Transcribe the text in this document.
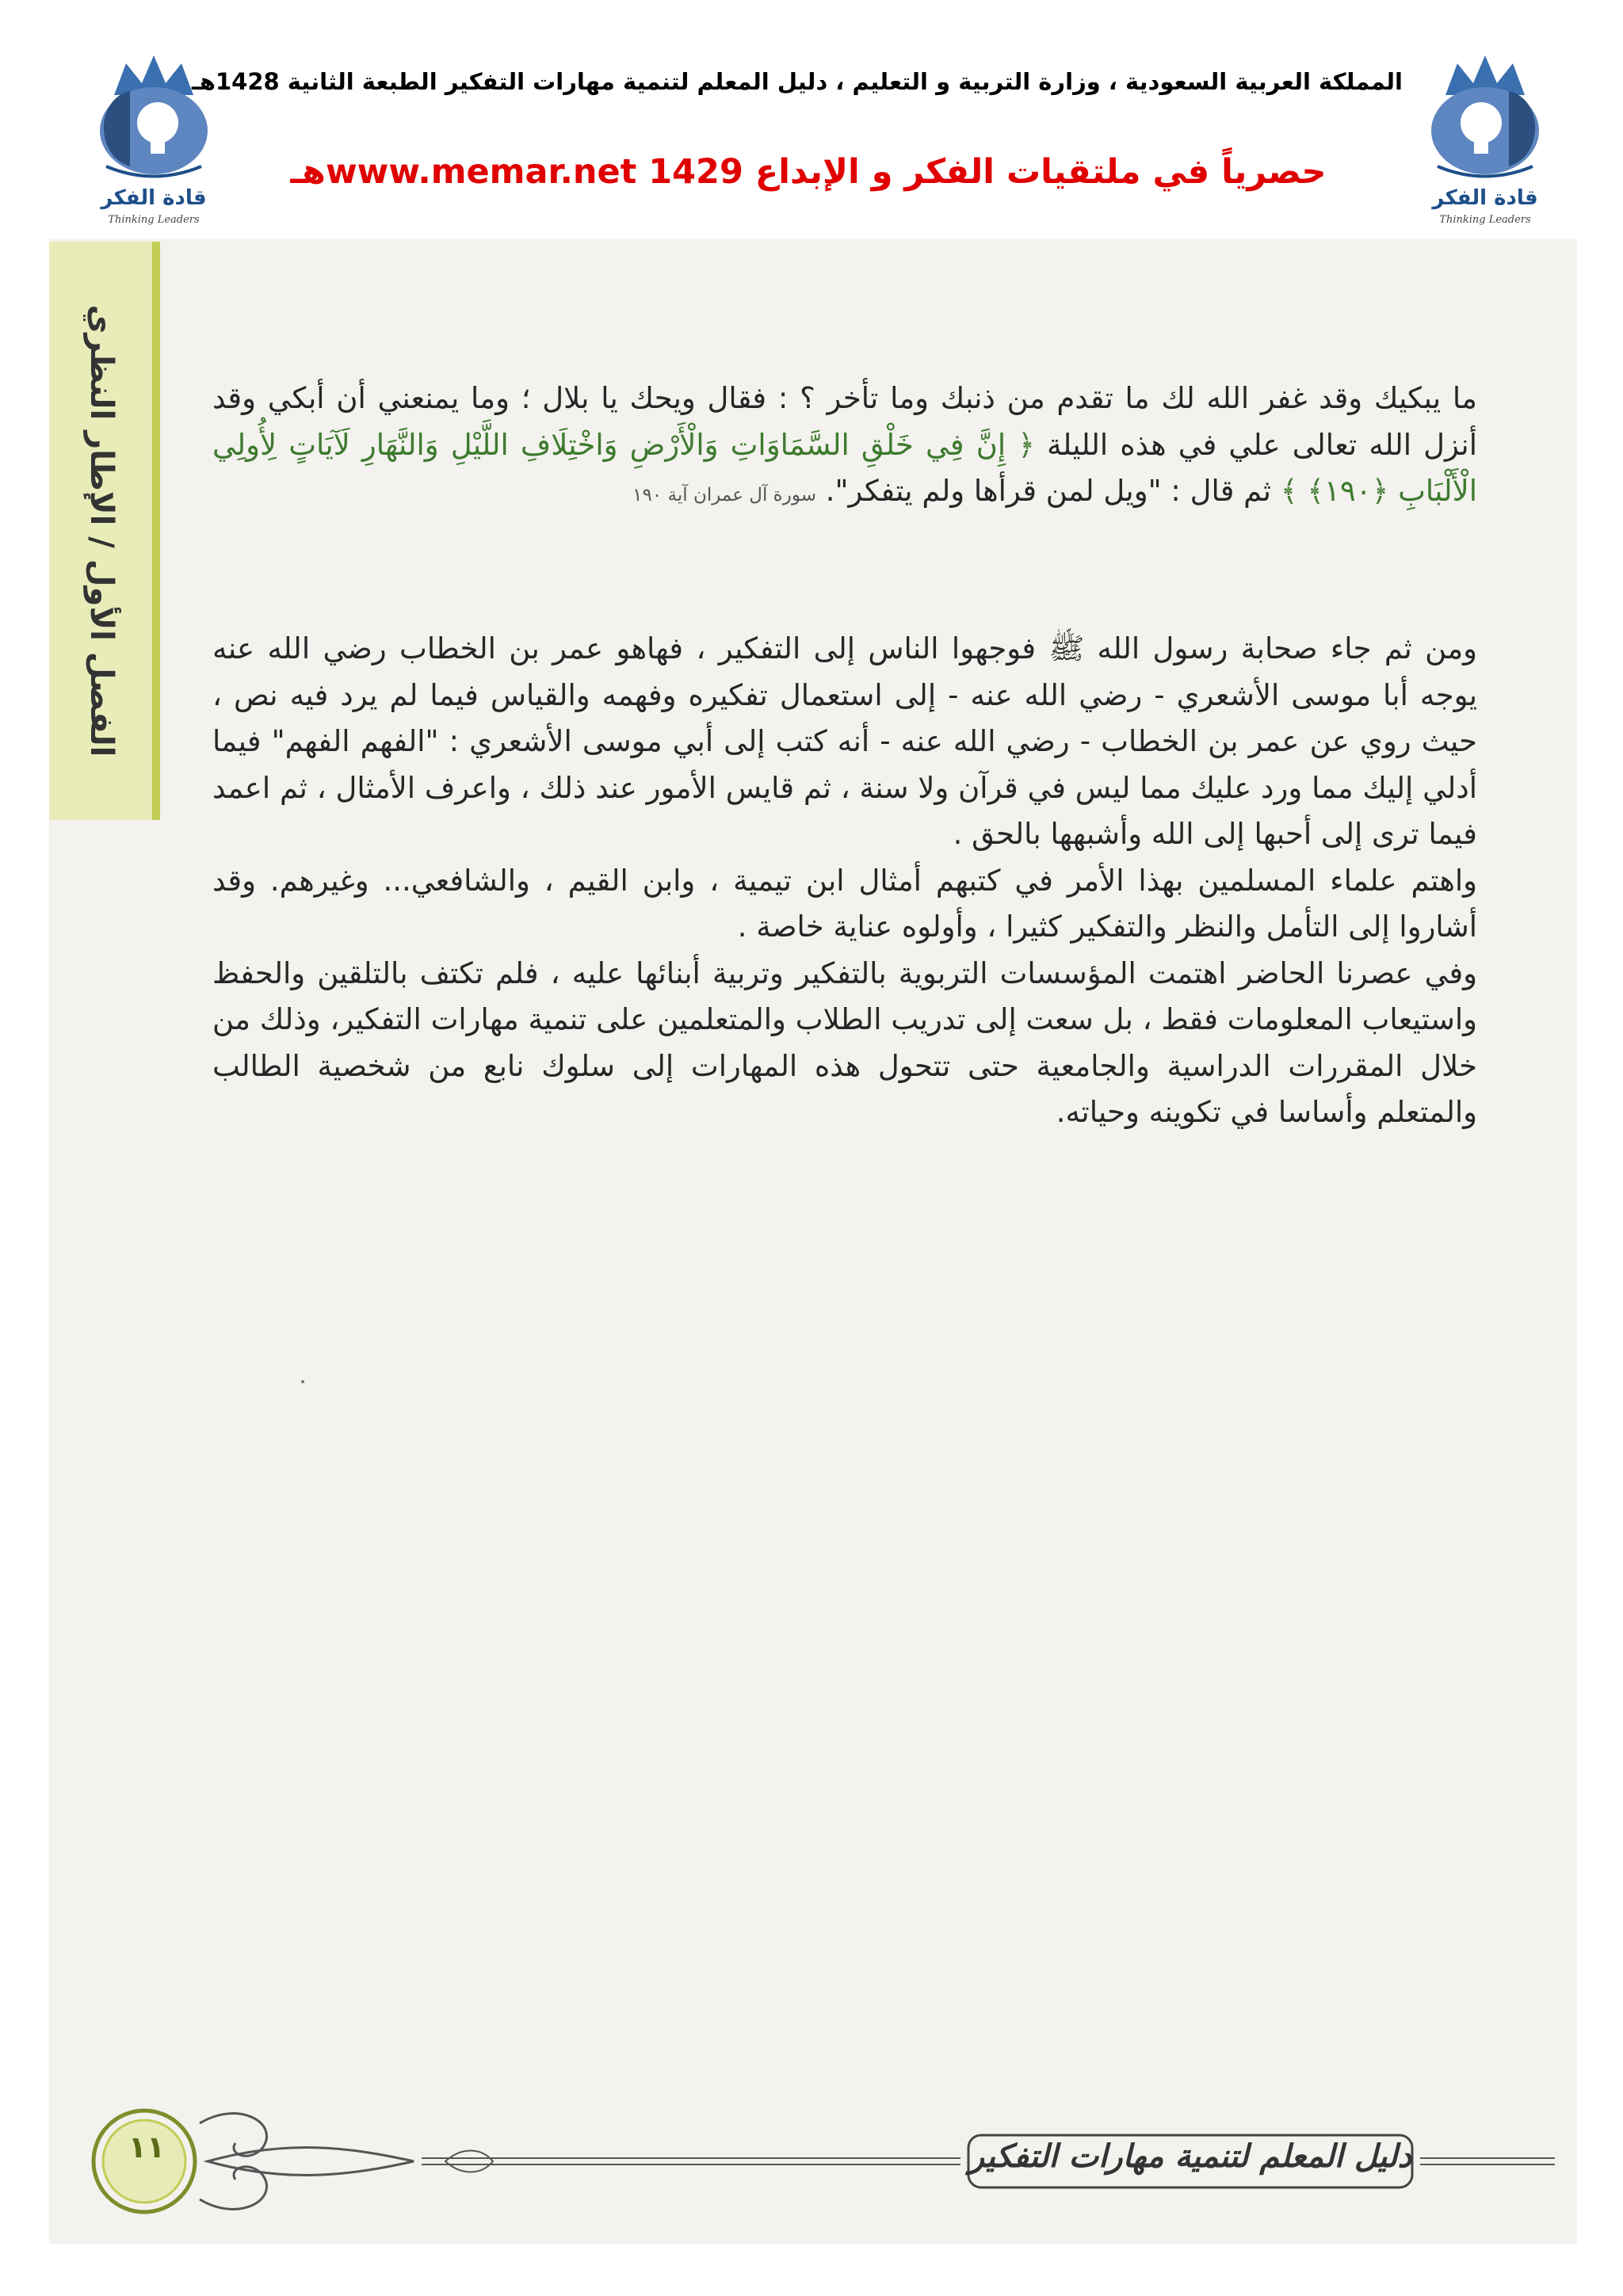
المملكة العربية السعودية ، وزارة التربية و التعليم ، دليل المعلم لتنمية مهارات التفكير الطبعة الثانية 1428هـ
حصرياً في ملتقيات الفكر و الإبداع www.memar.net 1429هـ
قادة الفكر
Thinking Leaders
قادة الفكر
Thinking Leaders
الفصل الأول / الإطار النظري	ما يبكيك وقد غفر الله لك ما تقدم من ذنبك وما تأخر ؟ : فقال ويحك يا بلال ؛ وما يمنعني أن أبكي وقد أنزل الله تعالى علي في هذه الليلة ﴿ إِنَّ فِي خَلْقِ السَّمَاوَاتِ وَالْأَرْضِ وَاخْتِلَافِ اللَّيْلِ وَالنَّهَارِ لَآيَاتٍ لِأُولِي الْأَلْبَابِ ﴿١٩٠﴾ ﴾ ثم قال : "ويل لمن قرأها ولم يتفكر". سورة آل عمران آية ١٩٠

ومن ثم جاء صحابة رسول الله ﷺ فوجهوا الناس إلى التفكير ، فهاهو عمر بن الخطاب رضي الله عنه يوجه أبا موسى الأشعري - رضي الله عنه - إلى استعمال تفكيره وفهمه والقياس فيما لم يرد فيه نص ، حيث روي عن عمر بن الخطاب - رضي الله عنه - أنه كتب إلى أبي موسى الأشعري : "الفهم الفهم" فيما أدلي إليك مما ورد عليك مما ليس في قرآن ولا سنة ، ثم قايس الأمور عند ذلك ، واعرف الأمثال ، ثم اعمد فيما ترى إلى أحبها إلى الله وأشبهها بالحق .

واهتم علماء المسلمين بهذا الأمر في كتبهم أمثال ابن تيمية ، وابن القيم ، والشافعي... وغيرهم. وقد أشاروا إلى التأمل والنظر والتفكير كثيرا ، وأولوه عناية خاصة .

وفي عصرنا الحاضر اهتمت المؤسسات التربوية بالتفكير وتربية أبنائها عليه ، فلم تكتف بالتلقين والحفظ واستيعاب المعلومات فقط ، بل سعت إلى تدريب الطلاب والمتعلمين على تنمية مهارات التفكير، وذلك من خلال المقررات الدراسية والجامعية حتى تتحول هذه المهارات إلى سلوك نابع من شخصية الطالب والمتعلم وأساسا في تكوينه وحياته.

دليل المعلم لتنمية مهارات التفكير
١١
